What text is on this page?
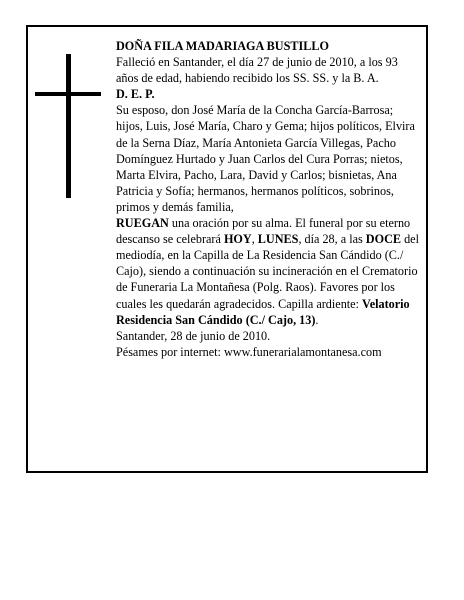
DOÑA FILA MADARIAGA BUSTILLO

Falleció en Santander, el día 27 de junio de 2010, a los 93 años de edad, habiendo recibido los SS. SS. y la B. A.

D. E. P.

Su esposo, don José María de la Concha García-Barrosa; hijos, Luis, José María, Charo y Gema; hijos políticos, Elvira de la Serna Díaz, María Antonieta García Villegas, Pacho Domínguez Hurtado y Juan Carlos del Cura Porras; nietos, Marta Elvira, Pacho, Lara, David y Carlos; bisnietas, Ana Patricia y Sofía; hermanos, hermanos políticos, sobrinos, primos y demás familia,

RUEGAN una oración por su alma. El funeral por su eterno descanso se celebrará HOY, LUNES, día 28, a las DOCE del mediodía, en la Capilla de La Residencia San Cándido (C./ Cajo), siendo a continuación su incineración en el Crematorio de Funeraria La Montañesa (Polg. Raos). Favores por los cuales les quedarán agradecidos. Capilla ardiente: Velatorio Residencia San Cándido (C./ Cajo, 13).

Santander, 28 de junio de 2010.

Pésames por internet: www.funerarialamontanesa.com
